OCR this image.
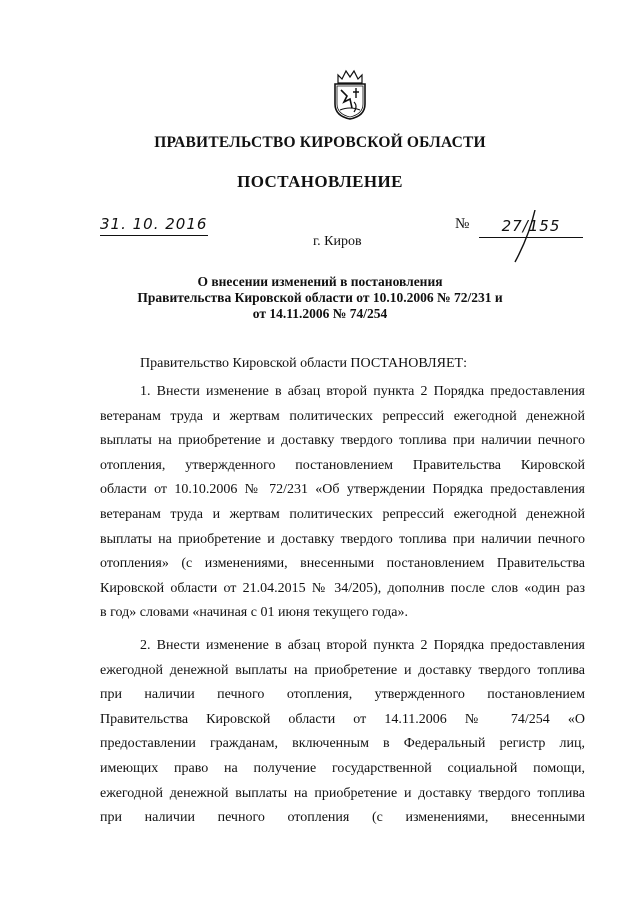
ПРАВИТЕЛЬСТВО КИРОВСКОЙ ОБЛАСТИ
ПОСТАНОВЛЕНИЕ
31. 10. 2016	№	27/155
г. Киров
О внесении изменений в постановления
Правительства Кировской области от 10.10.2006 № 72/231 и
от 14.11.2006 № 74/254
Правительство Кировской области ПОСТАНОВЛЯЕТ:
1. Внести изменение в абзац второй пункта 2 Порядка предоставления
ветеранам труда и жертвам политических репрессий ежегодной денежной
выплаты на приобретение и доставку твердого топлива при наличии печного
отопления, утвержденного постановлением Правительства Кировской
области от 10.10.2006 № 72/231 «Об утверждении Порядка предоставления
ветеранам труда и жертвам политических репрессий ежегодной денежной
выплаты на приобретение и доставку твердого топлива при наличии печного
отопления» (с изменениями, внесенными постановлением Правительства
Кировской области от 21.04.2015 № 34/205), дополнив после слов «один раз
в год» словами «начиная с 01 июня текущего года».
2. Внести изменение в абзац второй пункта 2 Порядка предоставления
ежегодной денежной выплаты на приобретение и доставку твердого топлива
при наличии печного отопления, утвержденного постановлением
Правительства Кировской области от 14.11.2006 № 74/254 «О
предоставлении гражданам, включенным в Федеральный регистр лиц,
имеющих право на получение государственной социальной помощи,
ежегодной денежной выплаты на приобретение и доставку твердого топлива
при наличии печного отопления (с изменениями, внесенными
